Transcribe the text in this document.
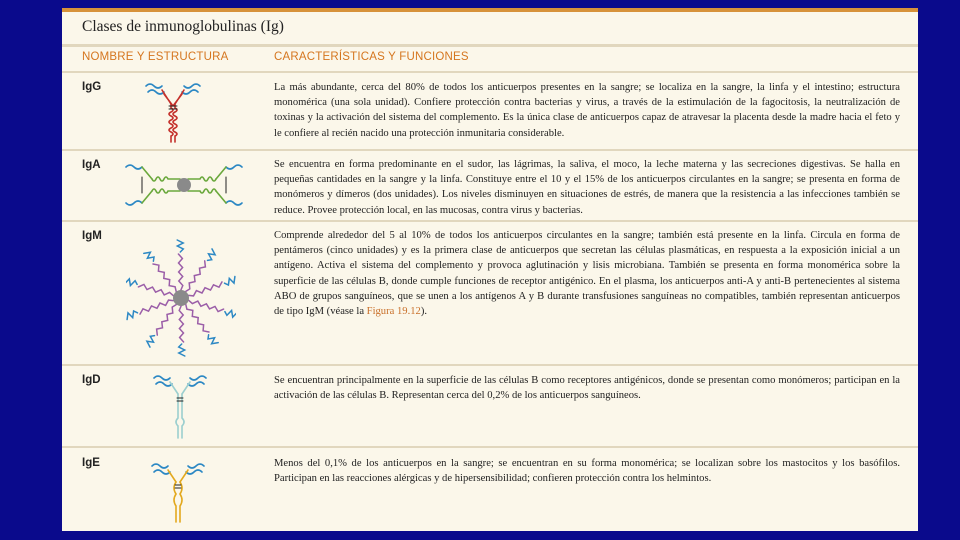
Clases de inmunoglobulinas (Ig)
NOMBRE Y ESTRUCTURA	CARACTERÍSTICAS Y FUNCIONES
IgG	La más abundante, cerca del 80% de todos los anticuerpos presentes en la sangre; se localiza en la sangre, la linfa y el intestino; estructura monomérica (una sola unidad). Confiere protección contra bacterias y virus, a través de la estimulación de la fagocitosis, la neutralización de toxinas y la activación del sistema del complemento. Es la única clase de anticuerpos capaz de atravesar la placenta desde la madre hacia el feto y le confiere al recién nacido una protección inmunitaria considerable.
IgA	Se encuentra en forma predominante en el sudor, las lágrimas, la saliva, el moco, la leche materna y las secreciones digestivas. Se halla en pequeñas cantidades en la sangre y la linfa. Constituye entre el 10 y el 15% de los anticuerpos circulantes en la sangre; se presenta en forma de monómeros y dímeros (dos unidades). Los niveles disminuyen en situaciones de estrés, de manera que la resistencia a las infecciones también se reduce. Provee protección local, en las mucosas, contra virus y bacterias.
IgM	Comprende alrededor del 5 al 10% de todos los anticuerpos circulantes en la sangre; también está presente en la linfa. Circula en forma de pentámeros (cinco unidades) y es la primera clase de anticuerpos que secretan las células plasmáticas, en respuesta a la exposición inicial a un antígeno. Activa el sistema del complemento y provoca aglutinación y lisis microbiana. También se presenta en forma monomérica sobre la superficie de las células B, donde cumple funciones de receptor antigénico. En el plasma, los anticuerpos anti-A y anti-B pertenecientes al sistema ABO de grupos sanguíneos, que se unen a los antígenos A y B durante transfusiones sanguíneas no compatibles, también representan anticuerpos de tipo IgM (véase la Figura 19.12).
IgD	Se encuentran principalmente en la superficie de las células B como receptores antigénicos, donde se presentan como monómeros; participan en la activación de las células B. Representan cerca del 0,2% de los anticuerpos sanguíneos.
IgE	Menos del 0,1% de los anticuerpos en la sangre; se encuentran en su forma monomérica; se localizan sobre los mastocitos y los basófilos. Participan en las reacciones alérgicas y de hipersensibilidad; confieren protección contra los helmintos.
